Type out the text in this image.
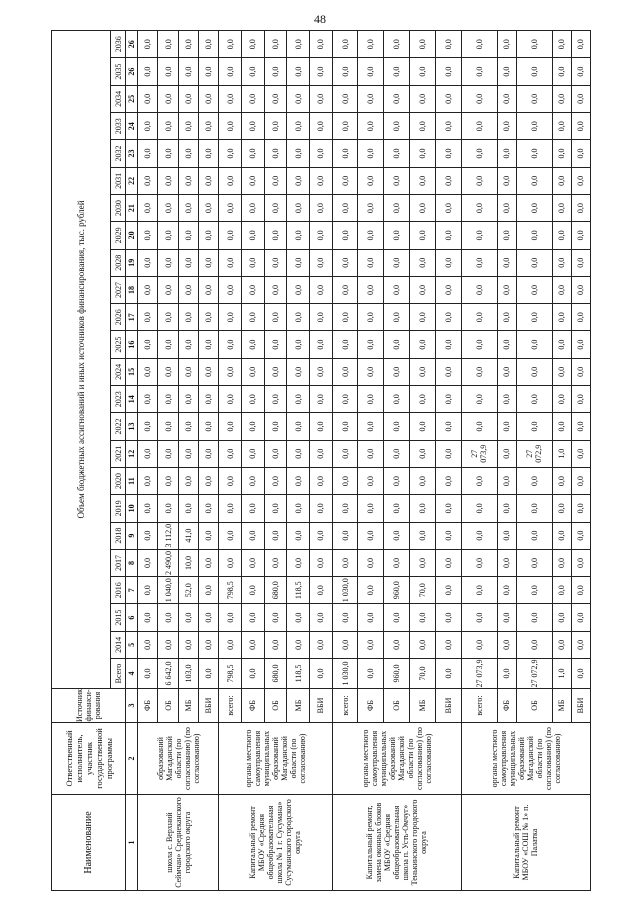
48
Наименование	Ответственный исполнитель, участник государственной программы	Источник финанси-рования	Объем бюджетных ассигнований и иных источников финансирования, тыс. рублей																							
			Всего	2014	2015	2016	2017	2018	2019	2020	2021	2022	2023	2024	2025	2026	2027	2028	2029	2030	2031	2032	2033	2034	2035	2036
1	2	3	4	5	6	7	8	9	10	11	12	13	14	15	16	17	18	19	20	21	22	23	24	25	26	26
школа с. Верхний Сеймчан» Среднеканского городского округа	образований Магаданской области (по согласованию) (по согласованию)	ФБ	0,0	0,0	0,0	0,0	0,0	0,0	0,0	0,0	0,0	0,0	0,0	0,0	0,0	0,0	0,0	0,0	0,0	0,0	0,0	0,0	0,0	0,0	0,0	0,0
		ОБ	6 642,0	0,0	0,0	1 040,0	2 490,0	3 112,0	0,0	0,0	0,0	0,0	0,0	0,0	0,0	0,0	0,0	0,0	0,0	0,0	0,0	0,0	0,0	0,0	0,0	0,0
		МБ	103,0	0,0	0,0	52,0	10,0	41,0	0,0	0,0	0,0	0,0	0,0	0,0	0,0	0,0	0,0	0,0	0,0	0,0	0,0	0,0	0,0	0,0	0,0	0,0
		ВБИ	0,0	0,0	0,0	0,0	0,0	0,0	0,0	0,0	0,0	0,0	0,0	0,0	0,0	0,0	0,0	0,0	0,0	0,0	0,0	0,0	0,0	0,0	0,0	0,0
Капитальный ремонт МБОУ «Средняя общеобразовательная школа № 1 г. Сусумана» Сусуманского городского округа	органы местного самоуправления муниципальных образований Магаданской области (по согласованию)	всего:	798,5	0,0	0,0	798,5	0,0	0,0	0,0	0,0	0,0	0,0	0,0	0,0	0,0	0,0	0,0	0,0	0,0	0,0	0,0	0,0	0,0	0,0	0,0	0,0
		ФБ	0,0	0,0	0,0	0,0	0,0	0,0	0,0	0,0	0,0	0,0	0,0	0,0	0,0	0,0	0,0	0,0	0,0	0,0	0,0	0,0	0,0	0,0	0,0	0,0
		ОБ	680,0	0,0	0,0	680,0	0,0	0,0	0,0	0,0	0,0	0,0	0,0	0,0	0,0	0,0	0,0	0,0	0,0	0,0	0,0	0,0	0,0	0,0	0,0	0,0
		МБ	118,5	0,0	0,0	118,5	0,0	0,0	0,0	0,0	0,0	0,0	0,0	0,0	0,0	0,0	0,0	0,0	0,0	0,0	0,0	0,0	0,0	0,0	0,0	0,0
		ВБИ	0,0	0,0	0,0	0,0	0,0	0,0	0,0	0,0	0,0	0,0	0,0	0,0	0,0	0,0	0,0	0,0	0,0	0,0	0,0	0,0	0,0	0,0	0,0	0,0
Капитальный ремонт, замена оконных блоков МБОУ «Средняя общеобразовательная школа п. Усть-Омчуг» Тенькинского городского округа	органы местного самоуправления муниципальных образований Магаданской области (по согласованию) (по согласованию)	всего:	1 030,0	0,0	0,0	1 030,0	0,0	0,0	0,0	0,0	0,0	0,0	0,0	0,0	0,0	0,0	0,0	0,0	0,0	0,0	0,0	0,0	0,0	0,0	0,0	0,0
		ФБ	0,0	0,0	0,0	0,0	0,0	0,0	0,0	0,0	0,0	0,0	0,0	0,0	0,0	0,0	0,0	0,0	0,0	0,0	0,0	0,0	0,0	0,0	0,0	0,0
		ОБ	960,0	0,0	0,0	960,0	0,0	0,0	0,0	0,0	0,0	0,0	0,0	0,0	0,0	0,0	0,0	0,0	0,0	0,0	0,0	0,0	0,0	0,0	0,0	0,0
		МБ	70,0	0,0	0,0	70,0	0,0	0,0	0,0	0,0	0,0	0,0	0,0	0,0	0,0	0,0	0,0	0,0	0,0	0,0	0,0	0,0	0,0	0,0	0,0	0,0
		ВБИ	0,0	0,0	0,0	0,0	0,0	0,0	0,0	0,0	0,0	0,0	0,0	0,0	0,0	0,0	0,0	0,0	0,0	0,0	0,0	0,0	0,0	0,0	0,0	0,0
Капитальный ремонт МБОУ «СОШ № 1» п. Палатка	органы местного самоуправления муниципальных образований Магаданской области (по согласованию) (по согласованию)	всего:	27 073,9	0,0	0,0	0,0	0,0	0,0	0,0	0,0	27 073,9	0,0	0,0	0,0	0,0	0,0	0,0	0,0	0,0	0,0	0,0	0,0	0,0	0,0	0,0	0,0
		ФБ	0,0	0,0	0,0	0,0	0,0	0,0	0,0	0,0	0,0	0,0	0,0	0,0	0,0	0,0	0,0	0,0	0,0	0,0	0,0	0,0	0,0	0,0	0,0	0,0
		ОБ	27 072,9	0,0	0,0	0,0	0,0	0,0	0,0	0,0	27 072,9	0,0	0,0	0,0	0,0	0,0	0,0	0,0	0,0	0,0	0,0	0,0	0,0	0,0	0,0	0,0
		МБ	1,0	0,0	0,0	0,0	0,0	0,0	0,0	0,0	1,0	0,0	0,0	0,0	0,0	0,0	0,0	0,0	0,0	0,0	0,0	0,0	0,0	0,0	0,0	0,0
		ВБИ	0,0	0,0	0,0	0,0	0,0	0,0	0,0	0,0	0,0	0,0	0,0	0,0	0,0	0,0	0,0	0,0	0,0	0,0	0,0	0,0	0,0	0,0	0,0	0,0
